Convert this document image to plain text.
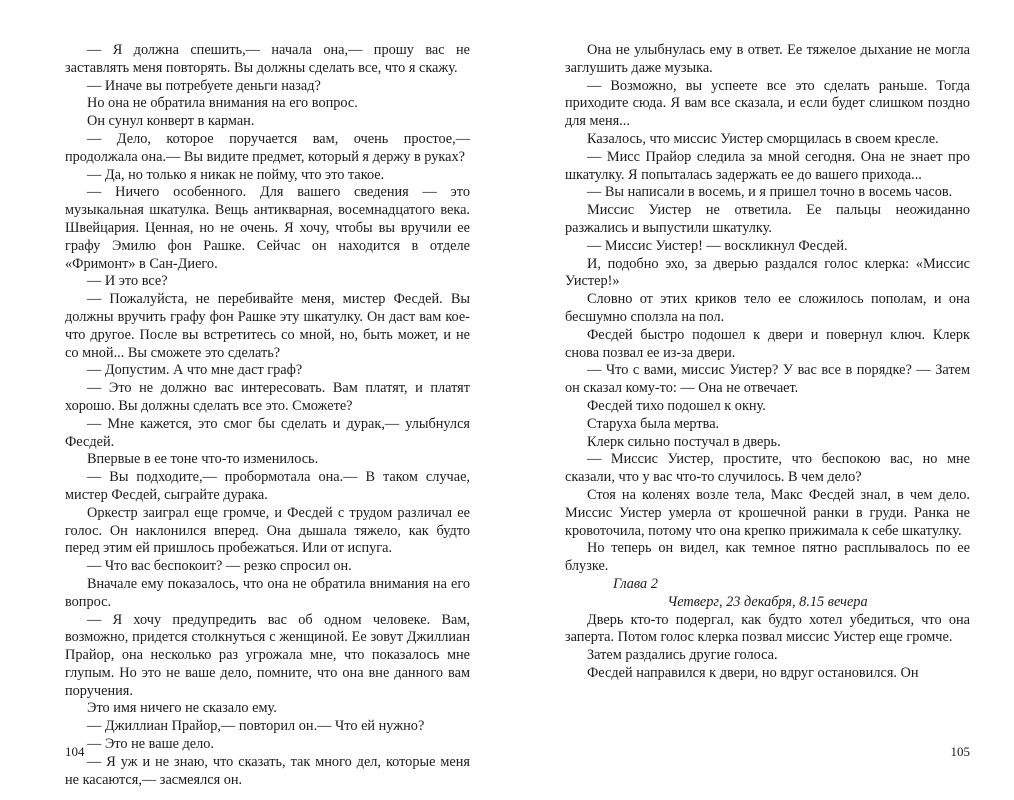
— Я должна спешить,— начала она,— прошу вас не заставлять меня повторять. Вы должны сделать все, что я скажу.

— Иначе вы потребуете деньги назад?

Но она не обратила внимания на его вопрос.

Он сунул конверт в карман.

— Дело, которое поручается вам, очень простое,— продолжала она.— Вы видите предмет, который я держу в руках?

— Да, но только я никак не пойму, что это такое.

— Ничего особенного. Для вашего сведения — это музыкальная шкатулка. Вещь антикварная, восемнадцатого века. Швейцария. Ценная, но не очень. Я хочу, чтобы вы вручили ее графу Эмилю фон Рашке. Сейчас он находится в отделе «Фримонт» в Сан-Диего.

— И это все?

— Пожалуйста, не перебивайте меня, мистер Фесдей. Вы должны вручить графу фон Рашке эту шкатулку. Он даст вам кое-что другое. После вы встретитесь со мной, но, быть может, и не со мной... Вы сможете это сделать?

— Допустим. А что мне даст граф?

— Это не должно вас интересовать. Вам платят, и платят хорошо. Вы должны сделать все это. Сможете?

— Мне кажется, это смог бы сделать и дурак,— улыбнулся Фесдей.

Впервые в ее тоне что-то изменилось.

— Вы подходите,— пробормотала она.— В таком случае, мистер Фесдей, сыграйте дурака.

Оркестр заиграл еще громче, и Фесдей с трудом различал ее голос. Он наклонился вперед. Она дышала тяжело, как будто перед этим ей пришлось пробежаться. Или от испуга.

— Что вас беспокоит? — резко спросил он.

Вначале ему показалось, что она не обратила внимания на его вопрос.

— Я хочу предупредить вас об одном человеке. Вам, возможно, придется столкнуться с женщиной. Ее зовут Джиллиан Прайор, она несколько раз угрожала мне, что показалось мне глупым. Но это не ваше дело, помните, что она вне данного вам поручения.

Это имя ничего не сказало ему.

— Джиллиан Прайор,— повторил он.— Что ей нужно?

— Это не ваше дело.

— Я уж и не знаю, что сказать, так много дел, которые меня не касаются,— засмеялся он.

104

Она не улыбнулась ему в ответ. Ее тяжелое дыхание не могла заглушить даже музыка.

— Возможно, вы успеете все это сделать раньше. Тогда приходите сюда. Я вам все сказала, и если будет слишком поздно для меня...

Казалось, что миссис Уистер сморщилась в своем кресле.

— Мисс Прайор следила за мной сегодня. Она не знает про шкатулку. Я попыталась задержать ее до вашего прихода...

— Вы написали в восемь, и я пришел точно в восемь часов.

Миссис Уистер не ответила. Ее пальцы неожиданно разжались и выпустили шкатулку.

— Миссис Уистер! — воскликнул Фесдей.

И, подобно эхо, за дверью раздался голос клерка: «Миссис Уистер!»

Словно от этих криков тело ее сложилось пополам, и она бесшумно сползла на пол.

Фесдей быстро подошел к двери и повернул ключ. Клерк снова позвал ее из-за двери.

— Что с вами, миссис Уистер? У вас все в порядке? — Затем он сказал кому-то: — Она не отвечает.

Фесдей тихо подошел к окну.

Старуха была мертва.

Клерк сильно постучал в дверь.

— Миссис Уистер, простите, что беспокою вас, но мне сказали, что у вас что-то случилось. В чем дело?

Стоя на коленях возле тела, Макс Фесдей знал, в чем дело. Миссис Уистер умерла от крошечной ранки в груди. Ранка не кровоточила, потому что она крепко прижимала к себе шкатулку.

Но теперь он видел, как темное пятно расплывалось по ее блузке.

Глава 2

Четверг, 23 декабря, 8.15 вечера

Дверь кто-то подергал, как будто хотел убедиться, что она заперта. Потом голос клерка позвал миссис Уистер еще громче.

Затем раздались другие голоса.

Фесдей направился к двери, но вдруг остановился. Он

105
